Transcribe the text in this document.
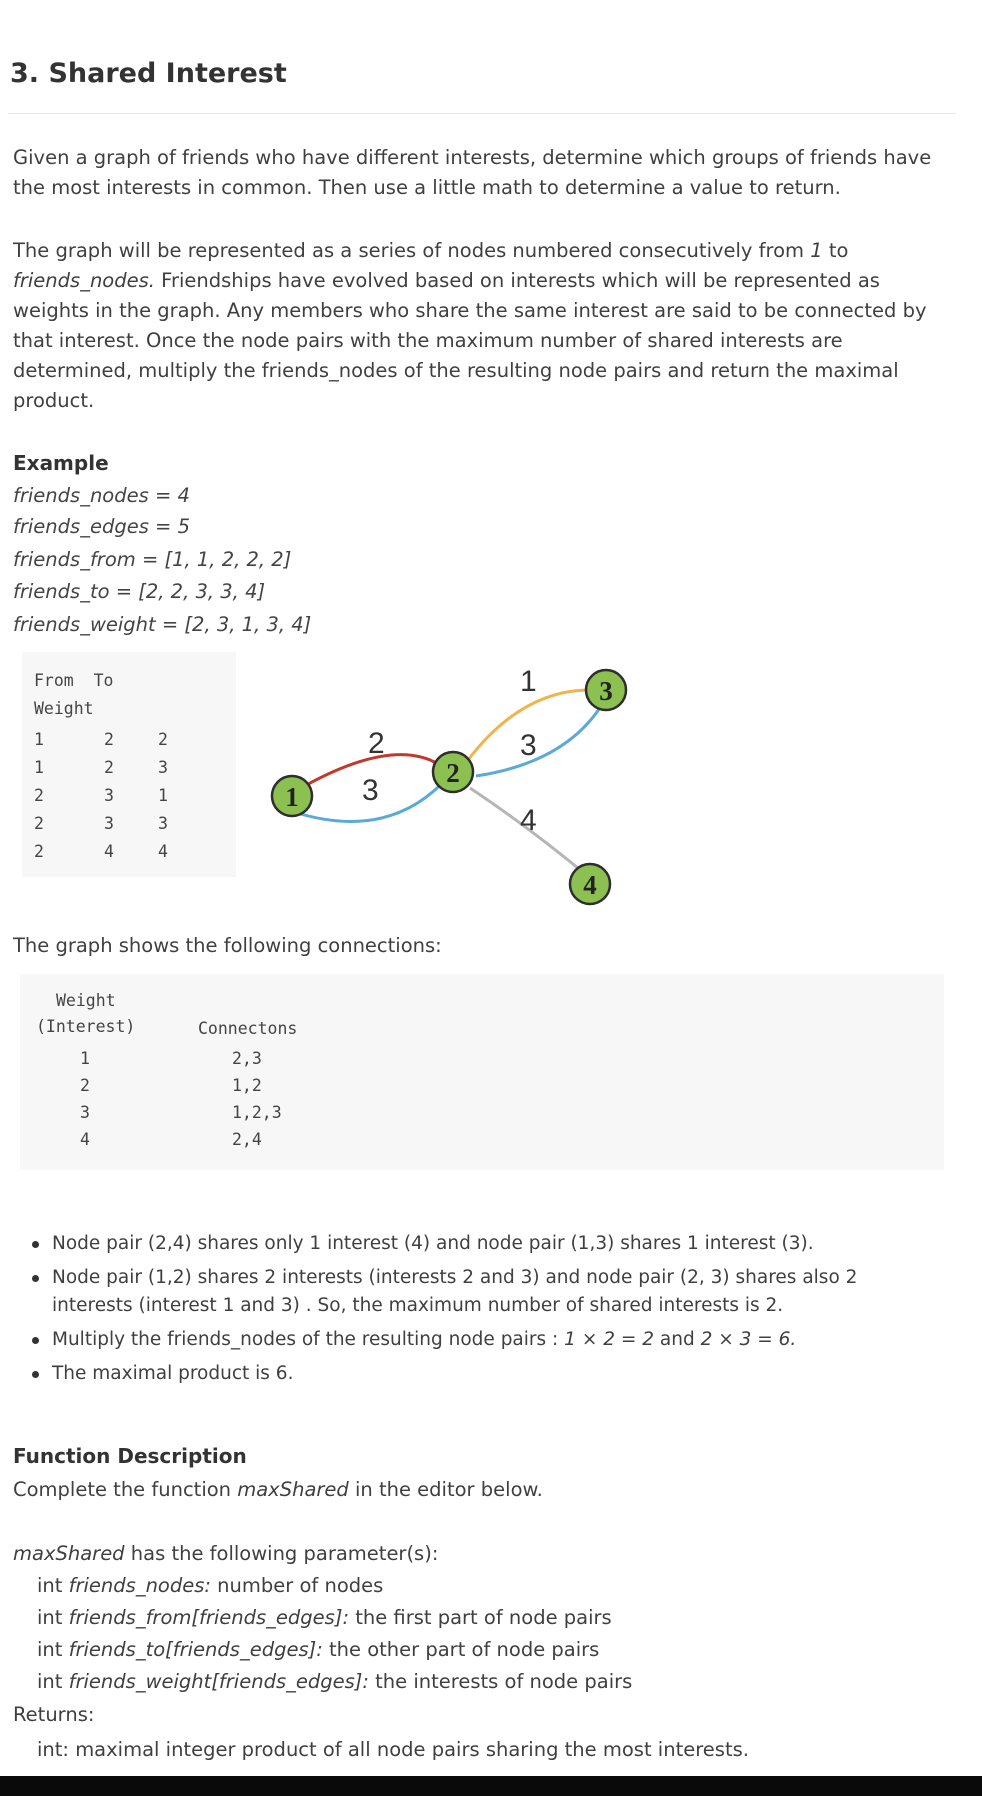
3. Shared Interest
Given a graph of friends who have different interests, determine which groups of friends have the most interests in common. Then use a little math to determine a value to return.
The graph will be represented as a series of nodes numbered consecutively from 1 to friends_nodes. Friendships have evolved based on interests which will be represented as weights in the graph. Any members who share the same interest are said to be connected by that interest. Once the node pairs with the maximum number of shared interests are determined, multiply the friends_nodes of the resulting node pairs and return the maximal product.
Example
friends_nodes = 4
friends_edges = 5
friends_from = [1, 1, 2, 2, 2]
friends_to = [2, 2, 3, 3, 4]
friends_weight = [2, 3, 1, 3, 4]
From  To
Weight
1	2	2
1	2	3
2	3	1
2	3	3
2	4	4
2
3
1
3
4
1
2
3
4
The graph shows the following connections:
Weight
(Interest)	Connectons
1	2,3
2	1,2
3	1,2,3
4	2,4
Node pair (2,4) shares only 1 interest (4) and node pair (1,3) shares 1 interest (3).
Node pair (1,2) shares 2 interests (interests 2 and 3) and node pair (2, 3) shares also 2 interests (interest 1 and 3) . So, the maximum number of shared interests is 2.
Multiply the friends_nodes of the resulting node pairs : 1 × 2 = 2 and 2 × 3 = 6.
The maximal product is 6.
Function Description
Complete the function maxShared in the editor below.
maxShared has the following parameter(s):
int friends_nodes: number of nodes
int friends_from[friends_edges]: the first part of node pairs
int friends_to[friends_edges]: the other part of node pairs
int friends_weight[friends_edges]: the interests of node pairs
Returns:
int: maximal integer product of all node pairs sharing the most interests.
